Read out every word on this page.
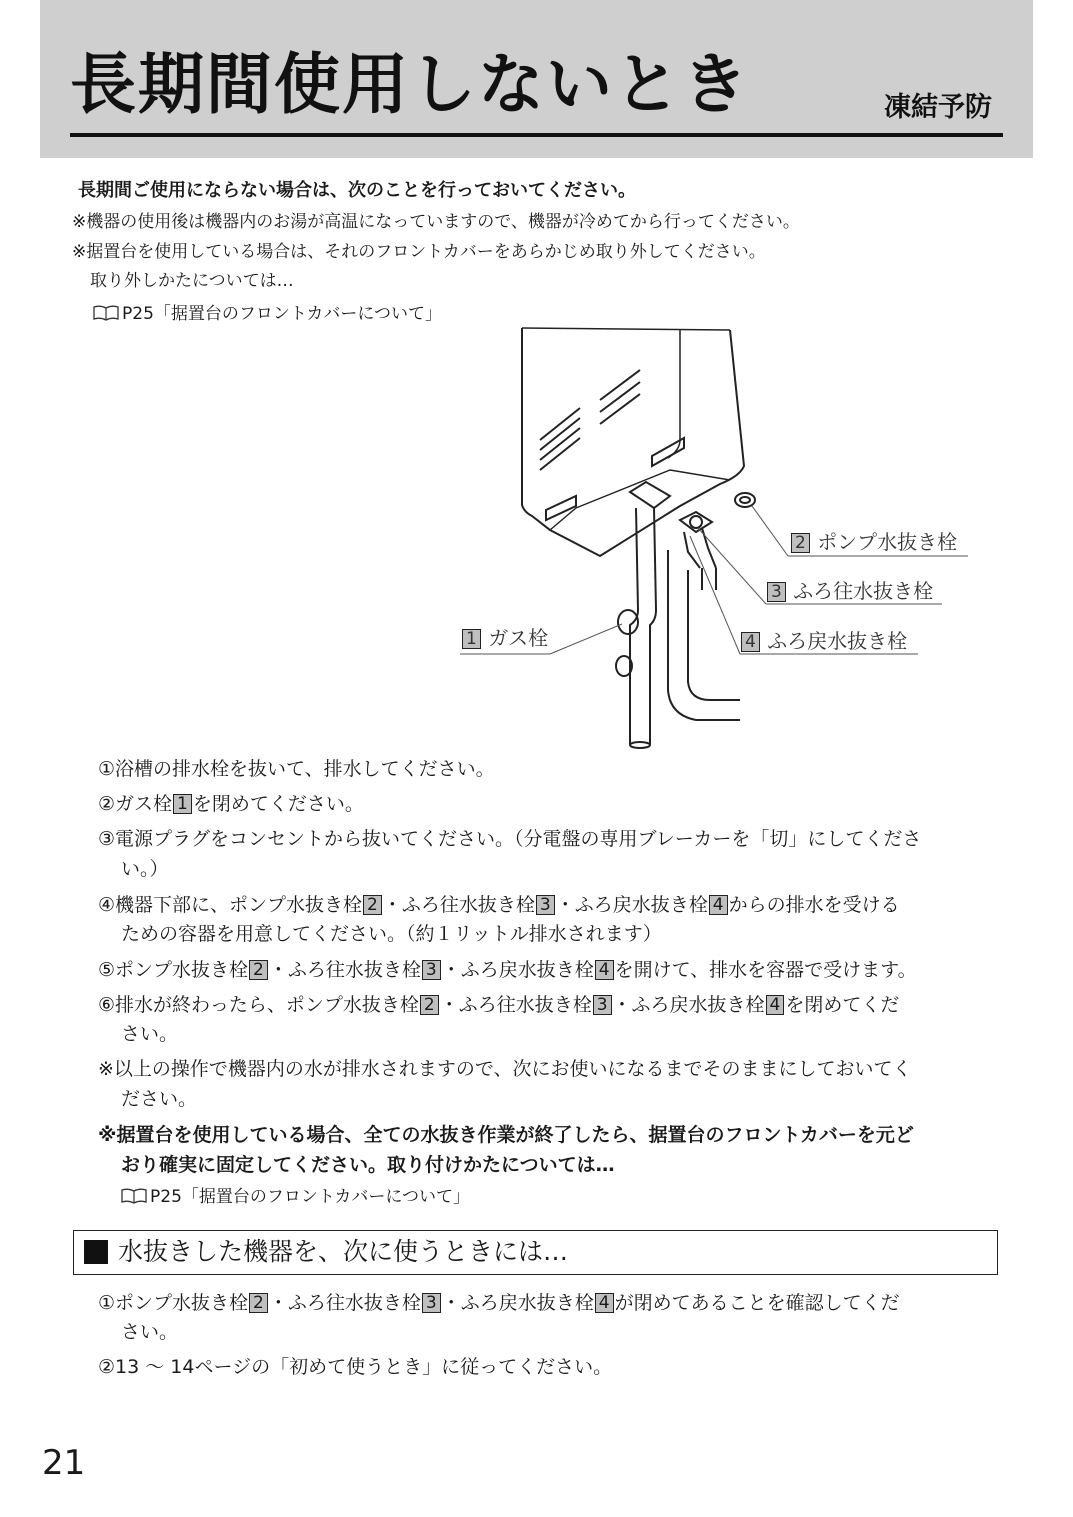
長期間使用しないとき	凍結予防
長期間ご使用にならない場合は、次のことを行っておいてください。
※機器の使用後は機器内のお湯が高温になっていますので、機器が冷めてから行ってください。
※据置台を使用している場合は、それのフロントカバーをあらかじめ取り外してください。
取り外しかたについては…
P25「据置台のフロントカバーについて」
2 ポンプ水抜き栓
3 ふろ往水抜き栓
1 ガス栓	4 ふろ戻水抜き栓
①浴槽の排水栓を抜いて、排水してください。
②ガス栓 1 を閉めてください。
③電源プラグをコンセントから抜いてください。（分電盤の専用ブレーカーを「切」にしてくださ
い。）
④機器下部に、ポンプ水抜き栓 2 ・ふろ往水抜き栓 3 ・ふろ戻水抜き栓 4 からの排水を受ける
ための容器を用意してください。（約１リットル排水されます）
⑤ポンプ水抜き栓 2 ・ふろ往水抜き栓 3 ・ふろ戻水抜き栓 4 を開けて、排水を容器で受けます。
⑥排水が終わったら、ポンプ水抜き栓 2 ・ふろ往水抜き栓 3 ・ふろ戻水抜き栓 4 を閉めてくだ
さい。
※以上の操作で機器内の水が排水されますので、次にお使いになるまでそのままにしておいてく
ださい。
※据置台を使用している場合、全ての水抜き作業が終了したら、据置台のフロントカバーを元ど
おり確実に固定してください。取り付けかたについては…
P25「据置台のフロントカバーについて」
水抜きした機器を、次に使うときには…
①ポンプ水抜き栓 2 ・ふろ往水抜き栓 3 ・ふろ戻水抜き栓 4 が閉めてあることを確認してくだ
さい。
②13 ～ 14ページの「初めて使うとき」に従ってください。
21
